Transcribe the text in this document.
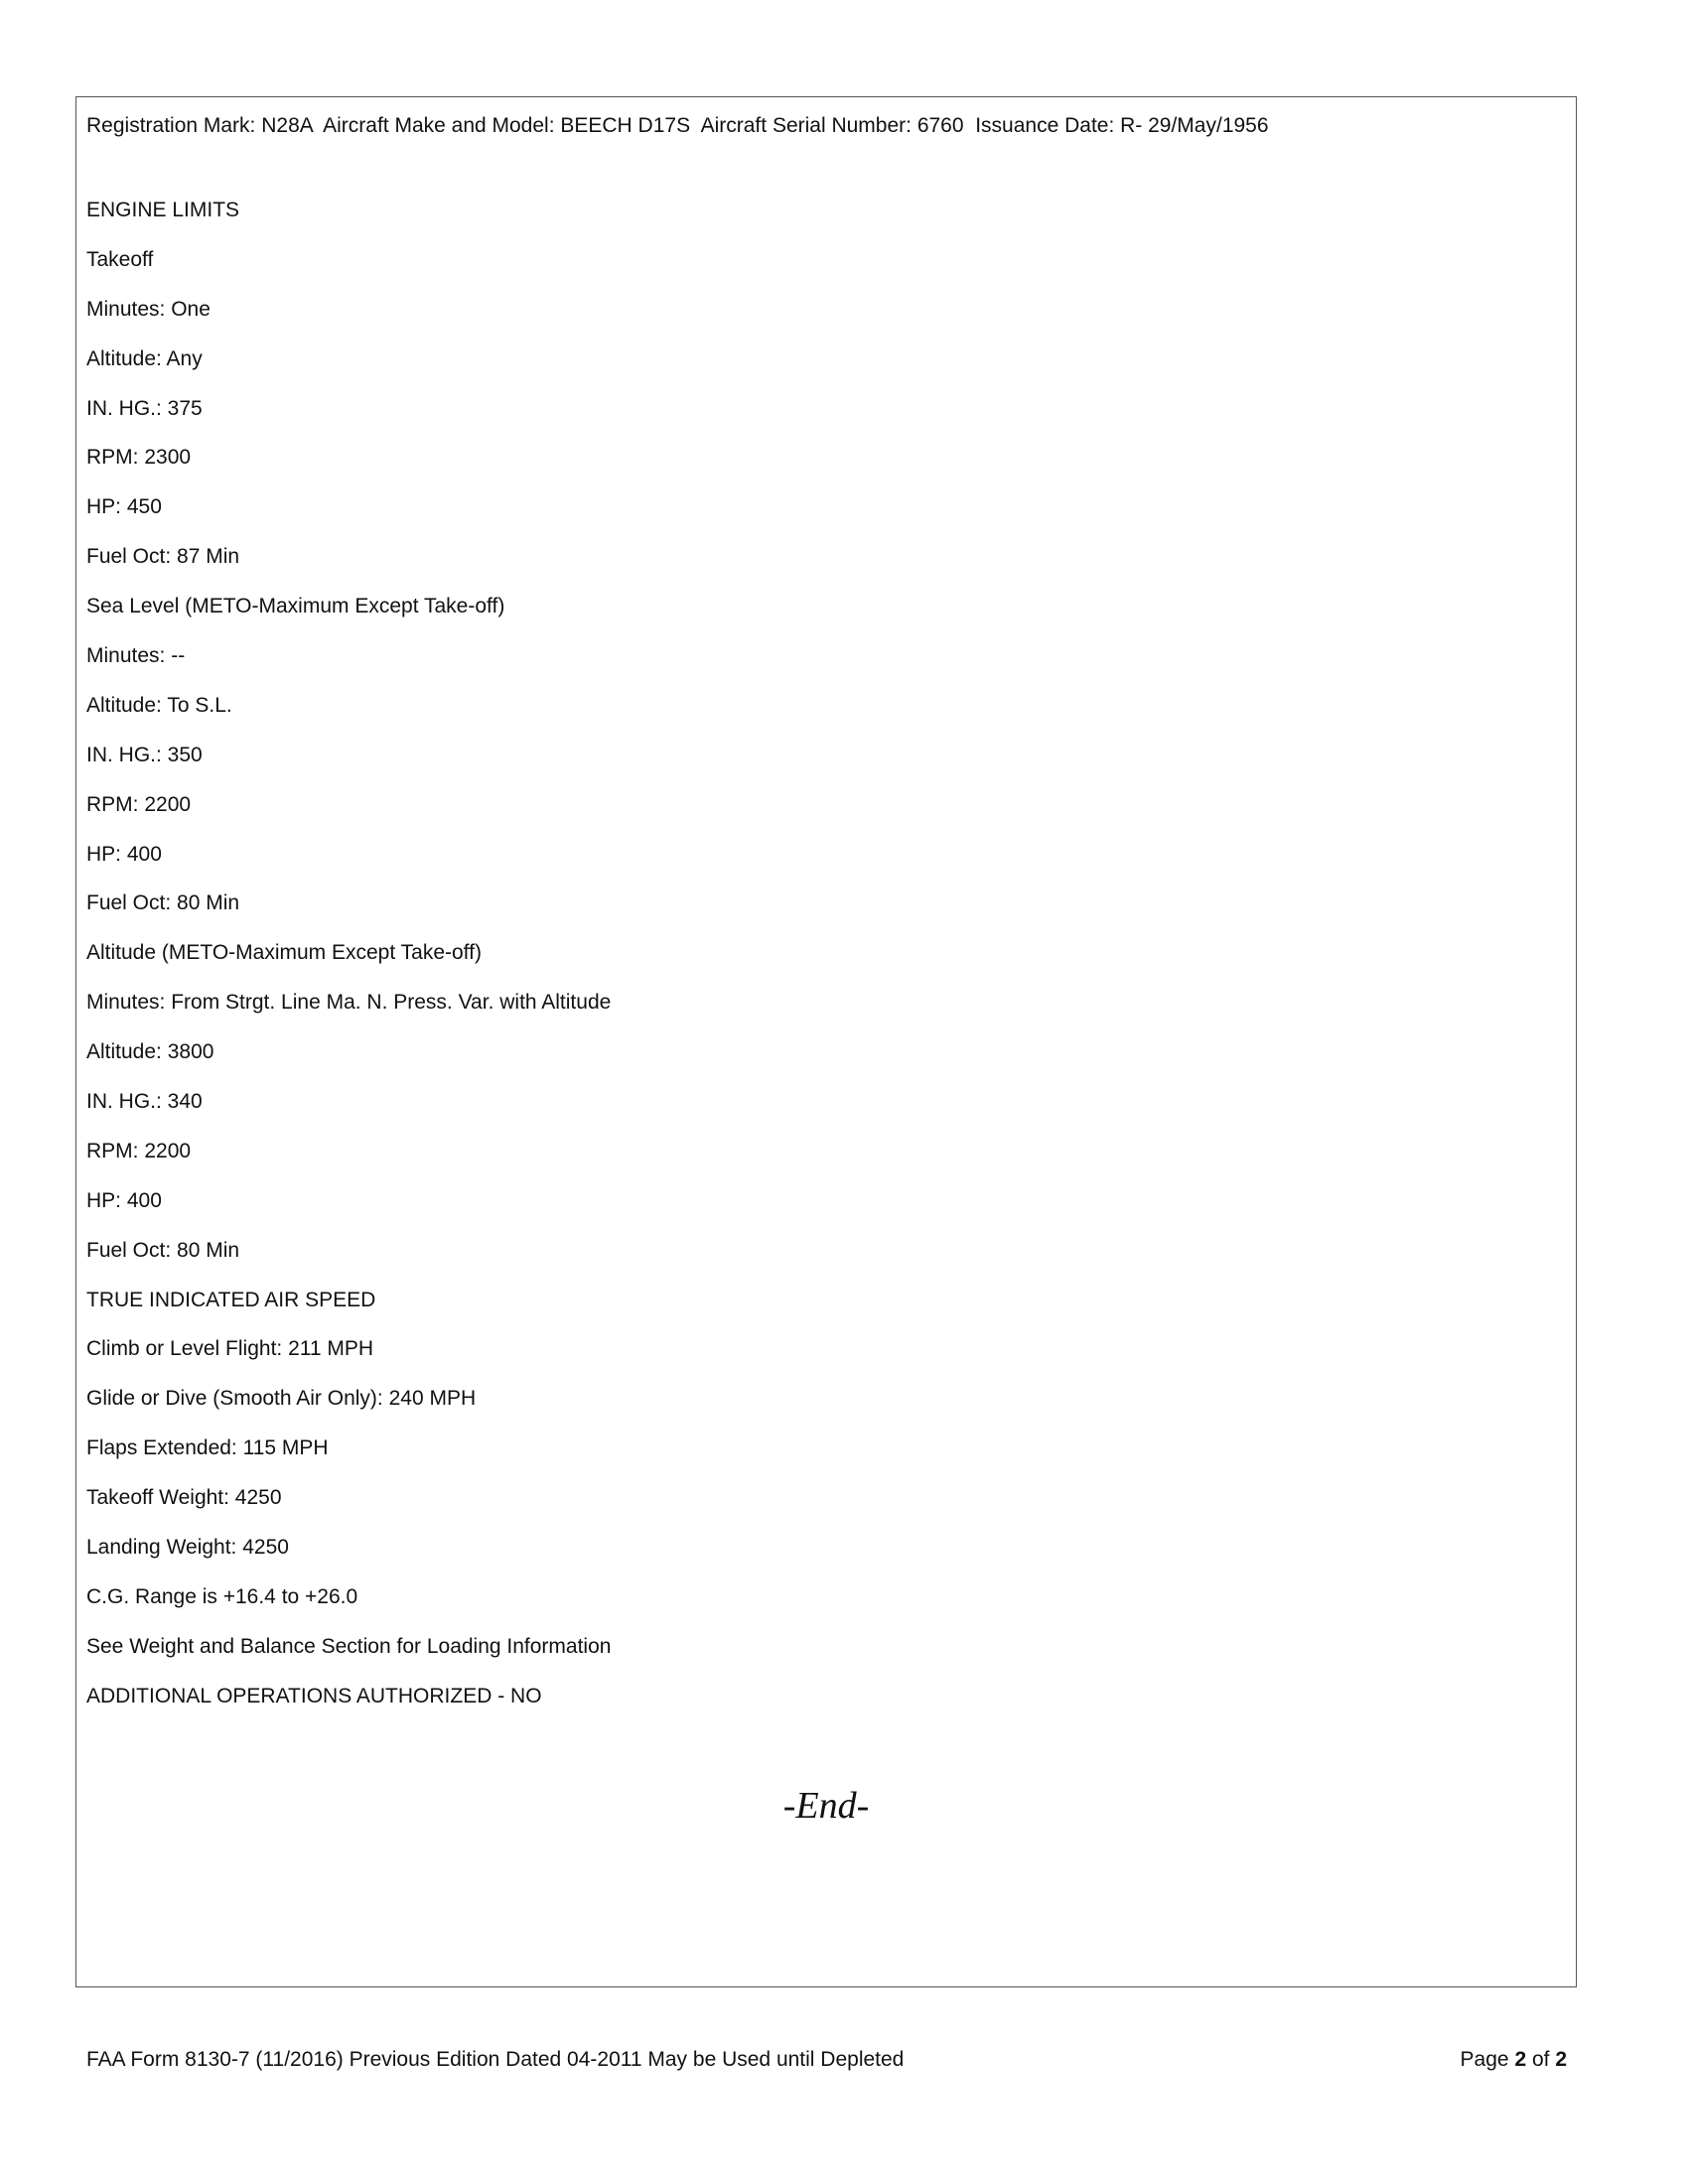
Registration Mark: N28A  Aircraft Make and Model: BEECH D17S  Aircraft Serial Number: 6760  Issuance Date: R- 29/May/1956
ENGINE LIMITS
Takeoff
Minutes: One
Altitude: Any
IN. HG.: 375
RPM: 2300
HP: 450
Fuel Oct: 87 Min
Sea Level (METO-Maximum Except Take-off)
Minutes: --
Altitude: To S.L.
IN. HG.: 350
RPM: 2200
HP: 400
Fuel Oct: 80 Min
Altitude (METO-Maximum Except Take-off)
Minutes: From Strgt. Line Ma. N. Press. Var. with Altitude
Altitude: 3800
IN. HG.: 340
RPM: 2200
HP: 400
Fuel Oct: 80 Min
TRUE INDICATED AIR SPEED
Climb or Level Flight: 211 MPH
Glide or Dive (Smooth Air Only): 240 MPH
Flaps Extended: 115 MPH
Takeoff Weight: 4250
Landing Weight: 4250
C.G. Range is +16.4 to +26.0
See Weight and Balance Section for Loading Information
ADDITIONAL OPERATIONS AUTHORIZED - NO
-End-
FAA Form 8130-7 (11/2016) Previous Edition Dated 04-2011 May be Used until Depleted	Page 2 of 2
